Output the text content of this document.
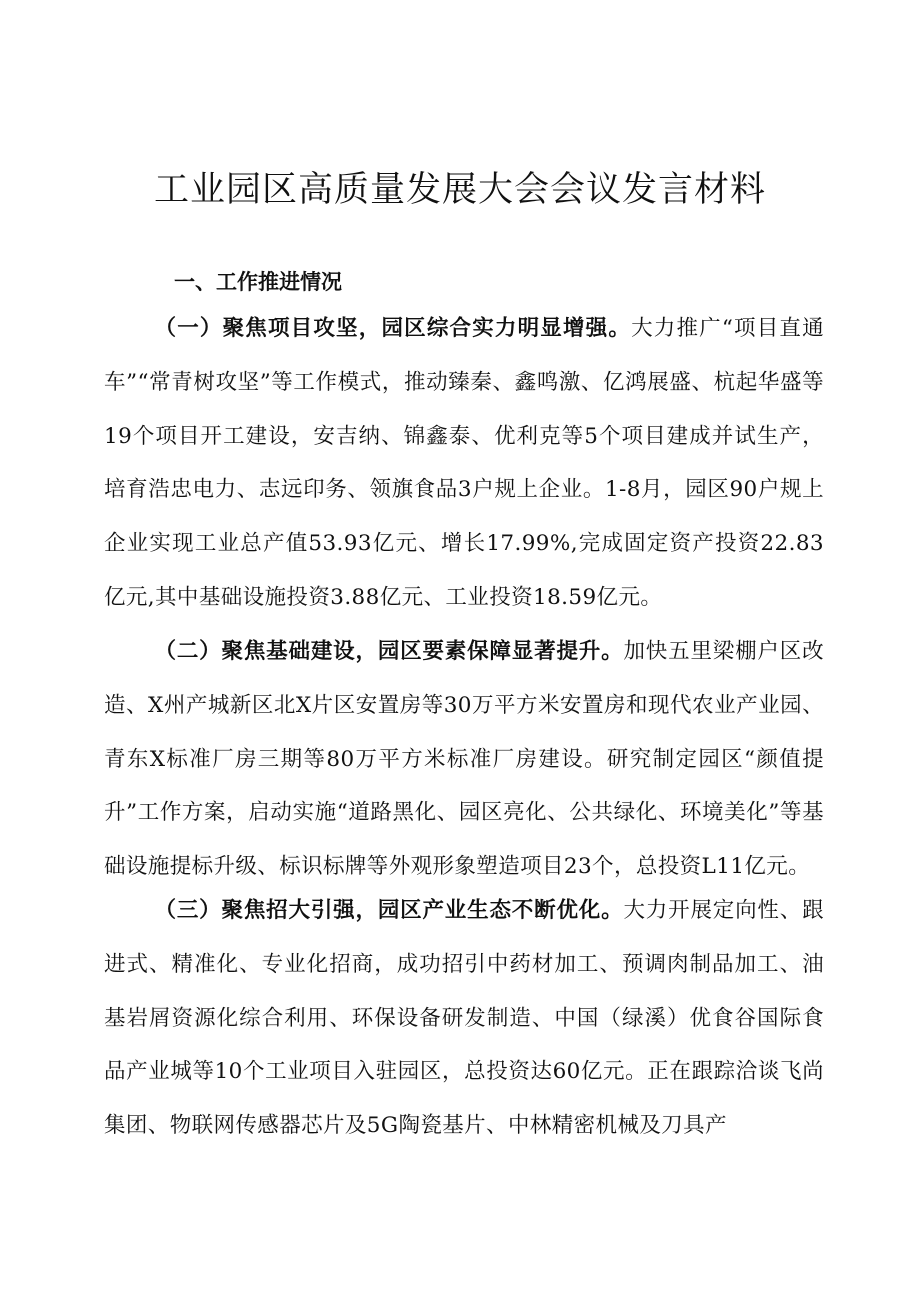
工业园区高质量发展大会会议发言材料
一、工作推进情况

（一）聚焦项目攻坚，园区综合实力明显增强。大力推广“项目直通车”“常青树攻坚”等工作模式，推动臻秦、鑫鸣激、亿鸿展盛、杭起华盛等19个项目开工建设，安吉纳、锦鑫泰、优利克等5个项目建成并试生产，培育浩忠电力、志远印务、领旗食品3户规上企业。1-8月，园区90户规上企业实现工业总产值53.93亿元、增长17.99%,完成固定资产投资22.83亿元,其中基础设施投资3.88亿元、工业投资18.59亿元。

（二）聚焦基础建设，园区要素保障显著提升。加快五里梁棚户区改造、X州产城新区北X片区安置房等30万平方米安置房和现代农业产业园、青东X标准厂房三期等80万平方米标准厂房建设。研究制定园区“颜值提升”工作方案，启动实施“道路黑化、园区亮化、公共绿化、环境美化”等基础设施提标升级、标识标牌等外观形象塑造项目23个，总投资L11亿元。

（三）聚焦招大引强，园区产业生态不断优化。大力开展定向性、跟进式、精准化、专业化招商，成功招引中药材加工、预调肉制品加工、油基岩屑资源化综合利用、环保设备研发制造、中国（绿溪）优食谷国际食品产业城等10个工业项目入驻园区，总投资达60亿元。正在跟踪洽谈飞尚集团、物联网传感器芯片及5G陶瓷基片、中林精密机械及刀具产
